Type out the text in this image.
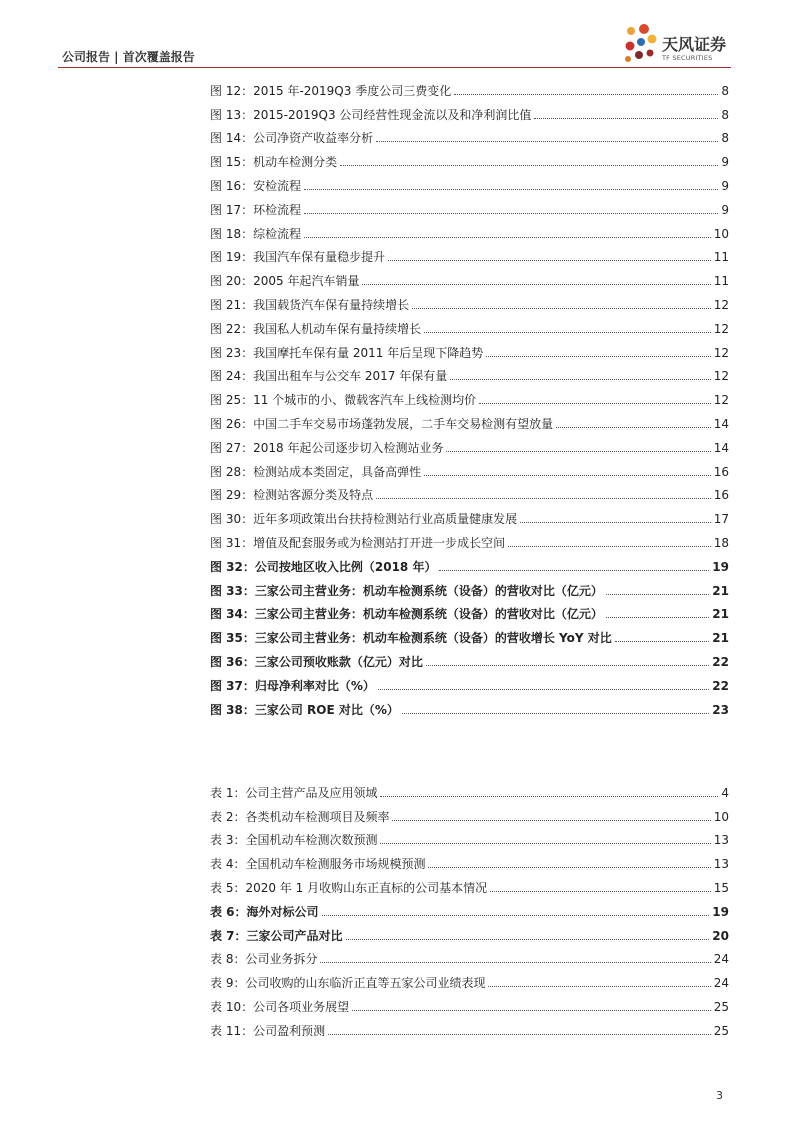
公司报告 | 首次覆盖报告
天风证券
TF SECURITIES
图 12：2015 年-2019Q3 季度公司三费变化	8
图 13：2015-2019Q3 公司经营性现金流以及和净利润比值	8
图 14：公司净资产收益率分析	8
图 15：机动车检测分类	9
图 16：安检流程	9
图 17：环检流程	9
图 18：综检流程	10
图 19：我国汽车保有量稳步提升	11
图 20：2005 年起汽车销量	11
图 21：我国载货汽车保有量持续增长	12
图 22：我国私人机动车保有量持续增长	12
图 23：我国摩托车保有量 2011 年后呈现下降趋势	12
图 24：我国出租车与公交车 2017 年保有量	12
图 25：11 个城市的小、微载客汽车上线检测均价	12
图 26：中国二手车交易市场蓬勃发展，二手车交易检测有望放量	14
图 27：2018 年起公司逐步切入检测站业务	14
图 28：检测站成本类固定，具备高弹性	16
图 29：检测站客源分类及特点	16
图 30：近年多项政策出台扶持检测站行业高质量健康发展	17
图 31：增值及配套服务或为检测站打开进一步成长空间	18
图 32：公司按地区收入比例（2018 年）	19
图 33：三家公司主营业务：机动车检测系统（设备）的营收对比（亿元）	21
图 34：三家公司主营业务：机动车检测系统（设备）的营收对比（亿元）	21
图 35：三家公司主营业务：机动车检测系统（设备）的营收增长 YoY 对比	21
图 36：三家公司预收账款（亿元）对比	22
图 37：归母净利率对比（%）	22
图 38：三家公司 ROE 对比（%）	23
表 1：公司主营产品及应用领域	4
表 2：各类机动车检测项目及频率	10
表 3：全国机动车检测次数预测	13
表 4：全国机动车检测服务市场规模预测	13
表 5：2020 年 1 月收购山东正直标的公司基本情况	15
表 6：海外对标公司	19
表 7：三家公司产品对比	20
表 8：公司业务拆分	24
表 9：公司收购的山东临沂正直等五家公司业绩表现	24
表 10：公司各项业务展望	25
表 11：公司盈利预测	25
3
